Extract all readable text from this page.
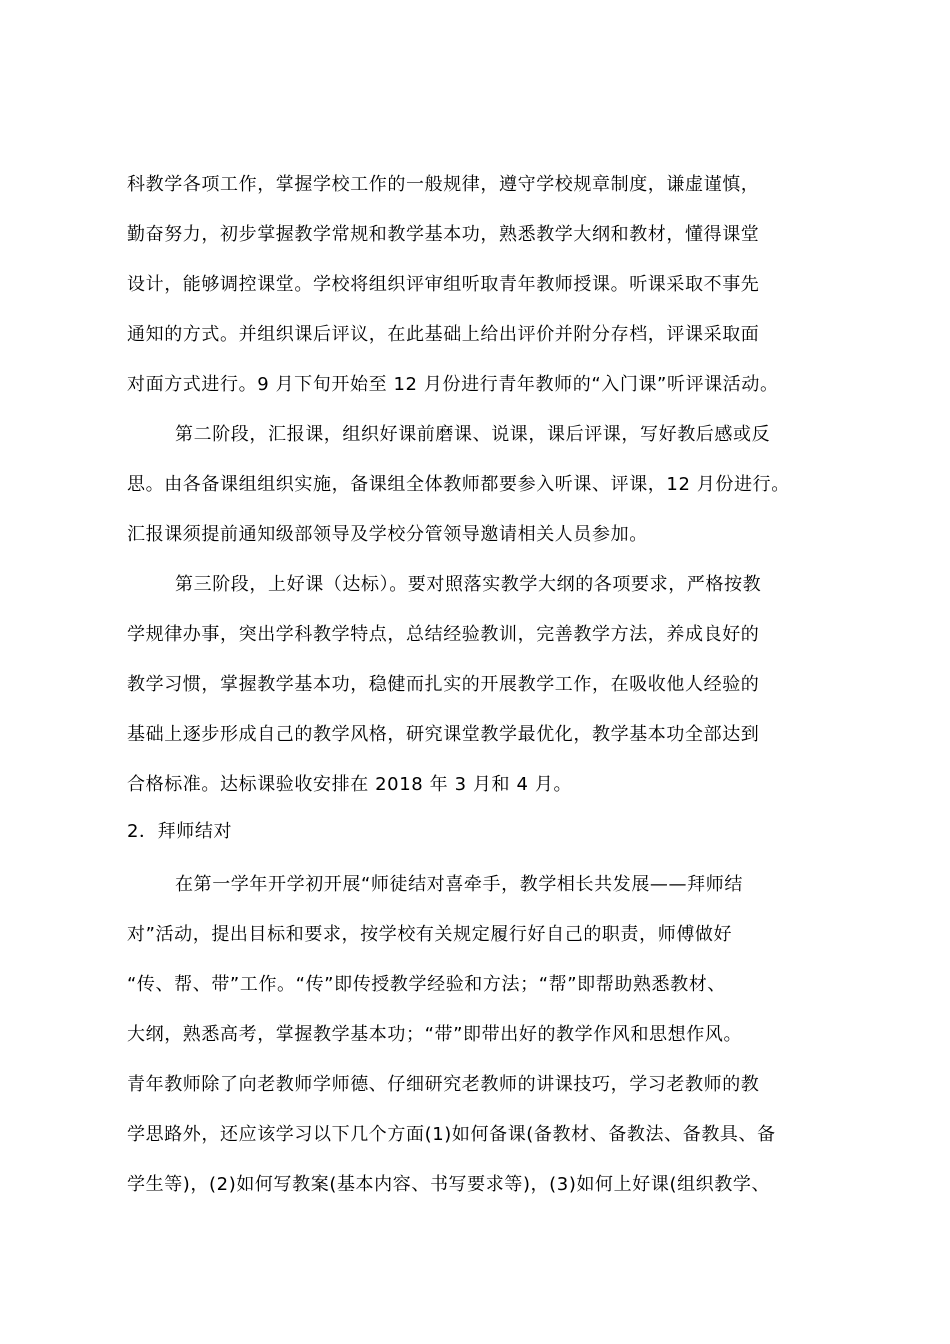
科教学各项工作，掌握学校工作的一般规律，遵守学校规章制度，谦虚谨慎，
勤奋努力，初步掌握教学常规和教学基本功，熟悉教学大纲和教材，懂得课堂
设计，能够调控课堂。学校将组织评审组听取青年教师授课。听课采取不事先
通知的方式。并组织课后评议，在此基础上给出评价并附分存档，评课采取面
对面方式进行。9 月下旬开始至 12 月份进行青年教师的“入门课”听评课活动。
第二阶段，汇报课，组织好课前磨课、说课，课后评课，写好教后感或反
思。由各备课组组织实施，备课组全体教师都要参入听课、评课，12 月份进行。
汇报课须提前通知级部领导及学校分管领导邀请相关人员参加。
第三阶段，上好课（达标）。要对照落实教学大纲的各项要求，严格按教
学规律办事，突出学科教学特点，总结经验教训，完善教学方法，养成良好的
教学习惯，掌握教学基本功，稳健而扎实的开展教学工作，在吸收他人经验的
基础上逐步形成自己的教学风格，研究课堂教学最优化，教学基本功全部达到
合格标准。达标课验收安排在 2018 年 3 月和 4 月。
2．拜师结对
在第一学年开学初开展“师徒结对喜牵手，教学相长共发展——拜师结
对”活动，提出目标和要求，按学校有关规定履行好自己的职责，师傅做好
“传、帮、带”工作。“传”即传授教学经验和方法；“帮”即帮助熟悉教材、
大纲，熟悉高考，掌握教学基本功；“带”即带出好的教学作风和思想作风。
青年教师除了向老教师学师德、仔细研究老教师的讲课技巧，学习老教师的教
学思路外，还应该学习以下几个方面(1)如何备课(备教材、备教法、备教具、备
学生等)，(2)如何写教案(基本内容、书写要求等)，(3)如何上好课(组织教学、
